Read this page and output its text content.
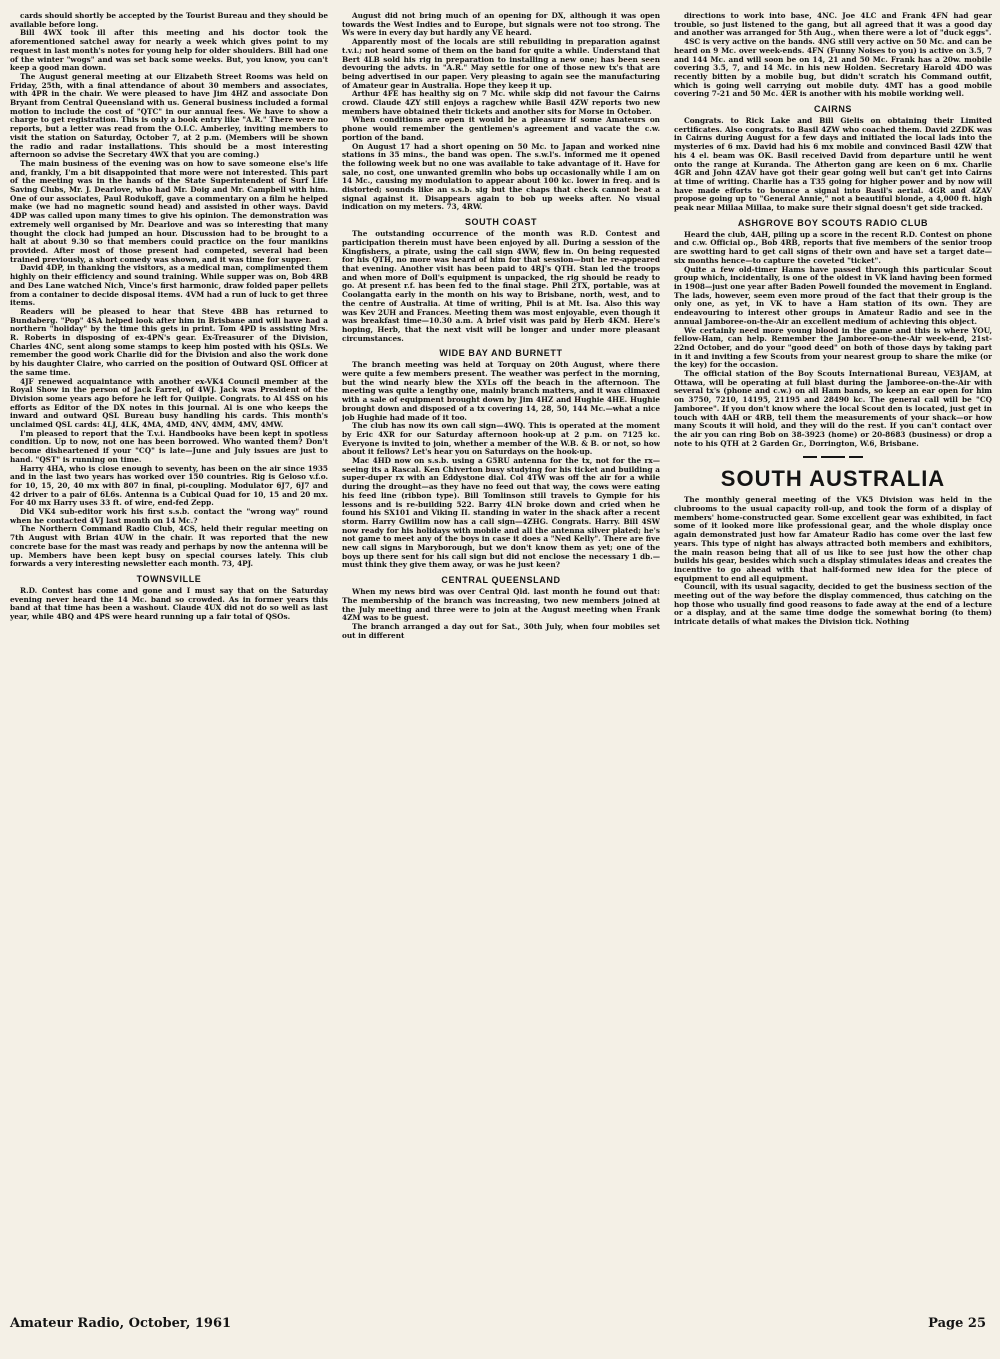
cards should shortly be accepted by the Tourist Bureau and they should be available before long.

Bill 4WX took ill after this meeting and his doctor took the aforementioned satchel away for nearly a week which gives point to my request in last month's notes for young help for older shoulders. Bill had one of the winter "wogs" and was set back some weeks. But, you know, you can't keep a good man down.

The August general meeting at our Elizabeth Street Rooms was held on Friday, 25th, with a final attendance of about 30 members and associates, with 4PR in the chair. We were pleased to have Jim 4HZ and associate Don Bryant from Central Queensland with us. General business included a formal motion to include the cost of "QTC" in our annual fees. We have to show a charge to get registration. This is only a book entry like "A.R." There were no reports, but a letter was read from the O.I.C. Amberley, inviting members to visit the station on Saturday, October 7, at 2 p.m. (Members will be shown the radio and radar installations. This should be a most interesting afternoon so advise the Secretary 4WX that you are coming.)

The main business of the evening was on how to save someone else's life and, frankly, I'm a bit disappointed that more were not interested. This part of the meeting was in the hands of the State Superintendent of Surf Life Saving Clubs, Mr. J. Dearlove, who had Mr. Doig and Mr. Campbell with him. One of our associates, Paul Rodukoff, gave a commentary on a film he helped make (we had no magnetic sound head) and assisted in other ways. David 4DP was called upon many times to give his opinion. The demonstration was extremely well organised by Mr. Dearlove and was so interesting that many thought the clock had jumped an hour. Discussion had to be brought to a halt at about 9.30 so that members could practice on the four manikins provided. After most of those present had competed, several had been trained previously, a short comedy was shown, and it was time for supper.

David 4DP, in thanking the visitors, as a medical man, complimented them highly on their efficiency and sound training. While supper was on, Bob 4RB and Des Lane watched Nich, Vince's first harmonic, draw folded paper pellets from a container to decide disposal items. 4VM had a run of luck to get three items.

Readers will be pleased to hear that Steve 4BB has returned to Bundaberg. "Pop" 4SA helped look after him in Brisbane and will have had a northern "holiday" by the time this gets in print. Tom 4PD is assisting Mrs. R. Roberts in disposing of ex-4PN's gear. Ex-Treasurer of the Division, Charles 4NC, sent along some stamps to keep him posted with his QSLs. We remember the good work Charlie did for the Division and also the work done by his daughter Claire, who carried on the position of Outward QSL Officer at the same time.

4JF renewed acquaintance with another ex-VK4 Council member at the Royal Show in the person of Jack Farrel, of 4WJ. Jack was President of the Division some years ago before he left for Quilpie. Congrats. to Al 4SS on his efforts as Editor of the DX notes in this journal. Al is one who keeps the inward and outward QSL Bureau busy handling his cards. This month's unclaimed QSL cards: 4LJ, 4LK, 4MA, 4MD, 4NV, 4MM, 4MV, 4MW.

I'm pleased to report that the T.v.i. Handbooks have been kept in spotless condition. Up to now, not one has been borrowed. Who wanted them? Don't become disheartened if your "CQ" is late—June and July issues are just to hand. "QST" is running on time.

Harry 4HA, who is close enough to seventy, has been on the air since 1935 and in the last two years has worked over 150 countries. Rig is Geloso v.f.o. for 10, 15, 20, 40 mx with 807 in final, pi-coupling. Modulator 6J7, 6J7 and 42 driver to a pair of 6L6s. Antenna is a Cubical Quad for 10, 15 and 20 mx. For 40 mx Harry uses 33 ft. of wire, end-fed Zepp.

Did VK4 sub-editor work his first s.s.b. contact the "wrong way" round when he contacted 4VJ last month on 14 Mc.?

The Northern Command Radio Club, 4CS, held their regular meeting on 7th August with Brian 4UW in the chair. It was reported that the new concrete base for the mast was ready and perhaps by now the antenna will be up. Members have been kept busy on special courses lately. This club forwards a very interesting newsletter each month. 73, 4PJ.

TOWNSVILLE

R.D. Contest has come and gone and I must say that on the Saturday evening never heard the 14 Mc. band so crowded. As in former years this band at that time has been a washout. Claude 4UX did not do so well as last year, while 4BQ and 4PS were heard running up a fair total of QSOs.

August did not bring much of an opening for DX, although it was open towards the West Indies and to Europe, but signals were not too strong. The Ws were in every day but hardly any VE heard.

Apparently most of the locals are still rebuilding in preparation against t.v.i.; not heard some of them on the band for quite a while. Understand that Bert 4LB sold his rig in preparation to installing a new one; has been seen devouring the advts. in "A.R." May settle for one of those new tx's that are being advertised in our paper. Very pleasing to again see the manufacturing of Amateur gear in Australia. Hope they keep it up.

Arthur 4FE has healthy sig on 7 Mc. while skip did not favour the Cairns crowd. Claude 4ZY still enjoys a ragchew while Basil 4ZW reports two new members have obtained their tickets and another sits for Morse in October.

When conditions are open it would be a pleasure if some Amateurs on phone would remember the gentlemen's agreement and vacate the c.w. portion of the band.

On August 17 had a short opening on 50 Mc. to Japan and worked nine stations in 35 mins., the band was open. The s.w.l's. informed me it opened the following week but no one was available to take advantage of it. Have for sale, no cost, one unwanted gremlin who bobs up occasionally while I am on 14 Mc., causing my modulation to appear about 100 kc. lower in freq. and is distorted; sounds like an s.s.b. sig but the chaps that check cannot beat a signal against it. Disappears again to bob up weeks after. No visual indication on my meters. 73, 4RW.

SOUTH COAST

The outstanding occurrence of the month was R.D. Contest and participation therein must have been enjoyed by all. During a session of the Kingfishers, a pirate, using the call sign 4WW, flew in. On being requested for his QTH, no more was heard of him for that session—but he re-appeared that evening. Another visit has been paid to 4RJ's QTH. Stan led the troops and when more of Doll's equipment is unpacked, the rig should be ready to go. At present r.f. has been fed to the final stage. Phil 2TX, portable, was at Coolangatta early in the month on his way to Brisbane, north, west, and to the centre of Australia. At time of writing, Phil is at Mt. Isa. Also this way was Kev 2UH and Frances. Meeting them was most enjoyable, even though it was breakfast time—10.30 a.m. A brief visit was paid by Herb 4KM. Here's hoping, Herb, that the next visit will be longer and under more pleasant circumstances.

WIDE BAY AND BURNETT

The branch meeting was held at Torquay on 20th August, where there were quite a few members present. The weather was perfect in the morning, but the wind nearly blew the XYLs off the beach in the afternoon. The meeting was quite a lengthy one, mainly branch matters, and it was climaxed with a sale of equipment brought down by Jim 4HZ and Hughie 4HE. Hughie brought down and disposed of a tx covering 14, 28, 50, 144 Mc.—what a nice job Hughie had made of it too.

The club has now its own call sign—4WQ. This is operated at the moment by Eric 4XR for our Saturday afternoon hook-up at 2 p.m. on 7125 kc. Everyone is invited to join, whether a member of the W.B. & B. or not, so how about it fellows? Let's hear you on Saturdays on the hook-up.

Mac 4HD now on s.s.b. using a G5RU antenna for the tx, not for the rx—seeing its a Rascal. Ken Chiverton busy studying for his ticket and building a super-duper rx with an Eddystone dial. Col 4TW was off the air for a while during the drought—as they have no feed out that way, the cows were eating his feed line (ribbon type). Bill Tomlinson still travels to Gympie for his lessons and is re-building 522. Barry 4LN broke down and cried when he found his SX101 and Viking II. standing in water in the shack after a recent storm. Harry Gwillim now has a call sign—4ZHG. Congrats. Harry. Bill 4SW now ready for his holidays with mobile and all the antenna silver plated; he's not game to meet any of the boys in case it does a "Ned Kelly". There are five new call signs in Maryborough, but we don't know them as yet; one of the boys up there sent for his call sign but did not enclose the necessary 1 db.—must think they give them away, or was he just keen?

CENTRAL QUEENSLAND

When my news bird was over Central Qld. last month he found out that: The membership of the branch was increasing, two new members joined at the July meeting and three were to join at the August meeting when Frank 4ZM was to be guest.

The branch arranged a day out for Sat., 30th July, when four mobiles set out in different

directions to work into base, 4NC. Joe 4LC and Frank 4FN had gear trouble, so just listened to the gang, but all agreed that it was a good day and another was arranged for 5th Aug., when there were a lot of "duck eggs".

4SC is very active on the bands. 4NG still very active on 50 Mc. and can be heard on 9 Mc. over week-ends. 4FN (Funny Noises to you) is active on 3.5, 7 and 144 Mc. and will soon be on 14, 21 and 50 Mc. Frank has a 20w. mobile covering 3.5, 7, and 14 Mc. in his new Holden. Secretary Harold 4DO was recently bitten by a mobile bug, but didn't scratch his Command outfit, which is going well carrying out mobile duty. 4MT has a good mobile covering 7-21 and 50 Mc. 4ER is another with his mobile working well.

CAIRNS

Congrats. to Rick Lake and Bill Gielis on obtaining their Limited certificates. Also congrats. to Basil 4ZW who coached them. David 2ZDK was in Cairns during August for a few days and initiated the local lads into the mysteries of 6 mx. David had his 6 mx mobile and convinced Basil 4ZW that his 4 el. beam was OK. Basil received David from departure until he went onto the range at Kuranda. The Atherton gang are keen on 6 mx. Charlie 4GR and John 4ZAV have got their gear going well but can't get into Cairns at time of writing. Charlie has a T35 going for higher power and by now will have made efforts to bounce a signal into Basil's aerial. 4GR and 4ZAV propose going up to "General Annie," not a beautiful blonde, a 4,000 ft. high peak near Millaa Millaa, to make sure their signal doesn't get side tracked.

ASHGROVE BOY SCOUTS RADIO CLUB

Heard the club, 4AH, piling up a score in the recent R.D. Contest on phone and c.w. Official op., Bob 4RB, reports that five members of the senior troop are swotting hard to get call signs of their own and have set a target date—six months hence—to capture the coveted "ticket".

Quite a few old-timer Hams have passed through this particular Scout group which, incidentally, is one of the oldest in VK land having been formed in 1908—just one year after Baden Powell founded the movement in England. The lads, however, seem even more proud of the fact that their group is the only one, as yet, in VK to have a Ham station of its own. They are endeavouring to interest other groups in Amateur Radio and see in the annual Jamboree-on-the-Air an excellent medium of achieving this object.

We certainly need more young blood in the game and this is where YOU, fellow-Ham, can help. Remember the Jamboree-on-the-Air week-end, 21st-22nd October, and do your "good deed" on both of those days by taking part in it and inviting a few Scouts from your nearest group to share the mike (or the key) for the occasion.

The official station of the Boy Scouts International Bureau, VE3JAM, at Ottawa, will be operating at full blast during the Jamboree-on-the-Air with several tx's (phone and c.w.) on all Ham bands, so keep an ear open for him on 3750, 7210, 14195, 21195 and 28490 kc. The general call will be "CQ Jamboree". If you don't know where the local Scout den is located, just get in touch with 4AH or 4RB, tell them the measurements of your shack—or how many Scouts it will hold, and they will do the rest. If you can't contact over the air you can ring Bob on 38-3923 (home) or 20-8683 (business) or drop a note to his QTH at 2 Garden Gr., Dorrington, W.6, Brisbane.

SOUTH AUSTRALIA

The monthly general meeting of the VK5 Division was held in the clubrooms to the usual capacity roll-up, and took the form of a display of members' home-constructed gear. Some excellent gear was exhibited, in fact some of it looked more like professional gear, and the whole display once again demonstrated just how far Amateur Radio has come over the last few years. This type of night has always attracted both members and exhibitors, the main reason being that all of us like to see just how the other chap builds his gear, besides which such a display stimulates ideas and creates the incentive to go ahead with that half-formed new idea for the piece of equipment to end all equipment.

Council, with its usual sagacity, decided to get the business section of the meeting out of the way before the display commenced, thus catching on the hop those who usually find good reasons to fade away at the end of a lecture or a display, and at the same time dodge the somewhat boring (to them) intricate details of what makes the Division tick. Nothing

Amateur Radio, October, 1961	Page 25
